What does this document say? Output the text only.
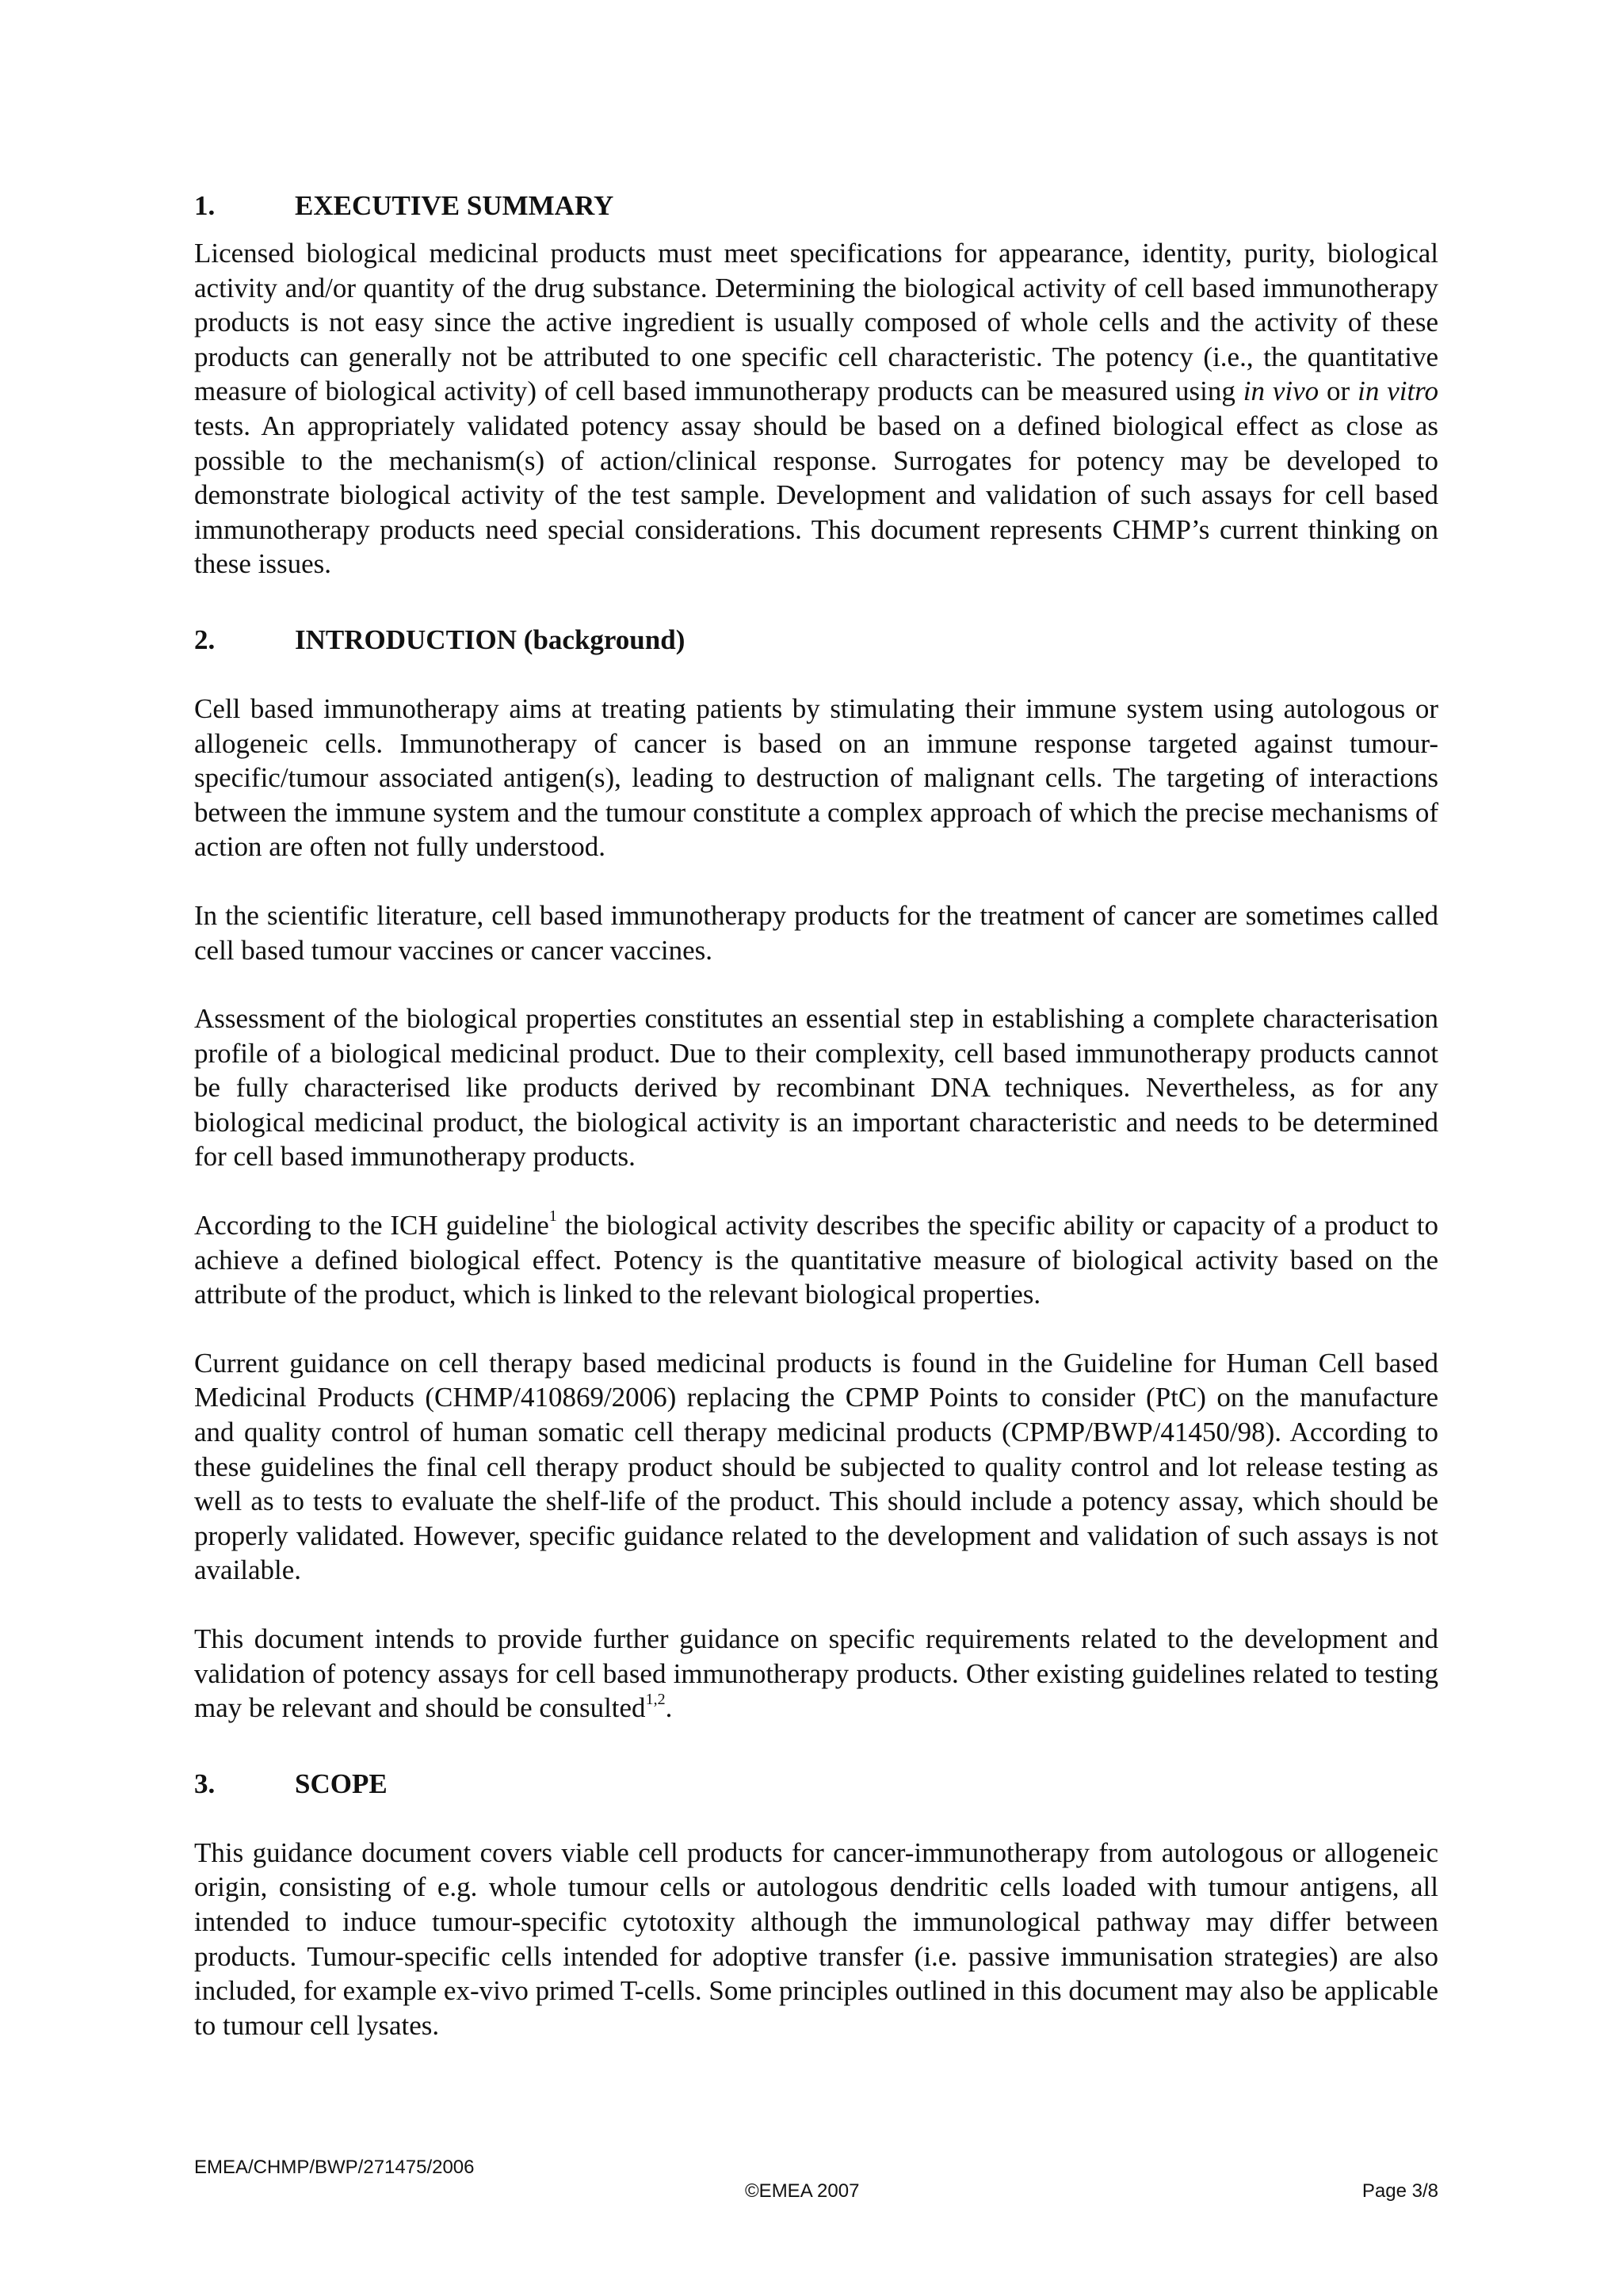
1.	EXECUTIVE SUMMARY

Licensed biological medicinal products must meet specifications for appearance, identity, purity, biological activity and/or quantity of the drug substance. Determining the biological activity of cell based immunotherapy products is not easy since the active ingredient is usually composed of whole cells and the activity of these products can generally not be attributed to one specific cell characteristic. The potency (i.e., the quantitative measure of biological activity) of cell based immunotherapy products can be measured using in vivo or in vitro tests. An appropriately validated potency assay should be based on a defined biological effect as close as possible to the mechanism(s) of action/clinical response. Surrogates for potency may be developed to demonstrate biological activity of the test sample. Development and validation of such assays for cell based immunotherapy products need special considerations. This document represents CHMP’s current thinking on these issues.

2.	INTRODUCTION (background)

Cell based immunotherapy aims at treating patients by stimulating their immune system using autologous or allogeneic cells. Immunotherapy of cancer is based on an immune response targeted against tumour-specific/tumour associated antigen(s), leading to destruction of malignant cells. The targeting of interactions between the immune system and the tumour constitute a complex approach of which the precise mechanisms of action are often not fully understood.

In the scientific literature, cell based immunotherapy products for the treatment of cancer are sometimes called cell based tumour vaccines or cancer vaccines.

Assessment of the biological properties constitutes an essential step in establishing a complete characterisation profile of a biological medicinal product. Due to their complexity, cell based immunotherapy products cannot be fully characterised like products derived by recombinant DNA techniques. Nevertheless, as for any biological medicinal product, the biological activity is an important characteristic and needs to be determined for cell based immunotherapy products.

According to the ICH guideline$^1$ the biological activity describes the specific ability or capacity of a product to achieve a defined biological effect. Potency is the quantitative measure of biological activity based on the attribute of the product, which is linked to the relevant biological properties.

Current guidance on cell therapy based medicinal products is found in the Guideline for Human Cell based Medicinal Products (CHMP/410869/2006) replacing the CPMP Points to consider (PtC) on the manufacture and quality control of human somatic cell therapy medicinal products (CPMP/BWP/41450/98). According to these guidelines the final cell therapy product should be subjected to quality control and lot release testing as well as to tests to evaluate the shelf-life of the product. This should include a potency assay, which should be properly validated. However, specific guidance related to the development and validation of such assays is not available.

This document intends to provide further guidance on specific requirements related to the development and validation of potency assays for cell based immunotherapy products. Other existing guidelines related to testing may be relevant and should be consulted$^{1,2}$.

3.	SCOPE

This guidance document covers viable cell products for cancer-immunotherapy from autologous or allogeneic origin, consisting of e.g. whole tumour cells or autologous dendritic cells loaded with tumour antigens, all intended to induce tumour-specific cytotoxity although the immunological pathway may differ between products. Tumour-specific cells intended for adoptive transfer (i.e. passive immunisation strategies) are also included, for example ex-vivo primed T-cells. Some principles outlined in this document may also be applicable to tumour cell lysates.

EMEA/CHMP/BWP/271475/2006
©EMEA 2007	Page 3/8
